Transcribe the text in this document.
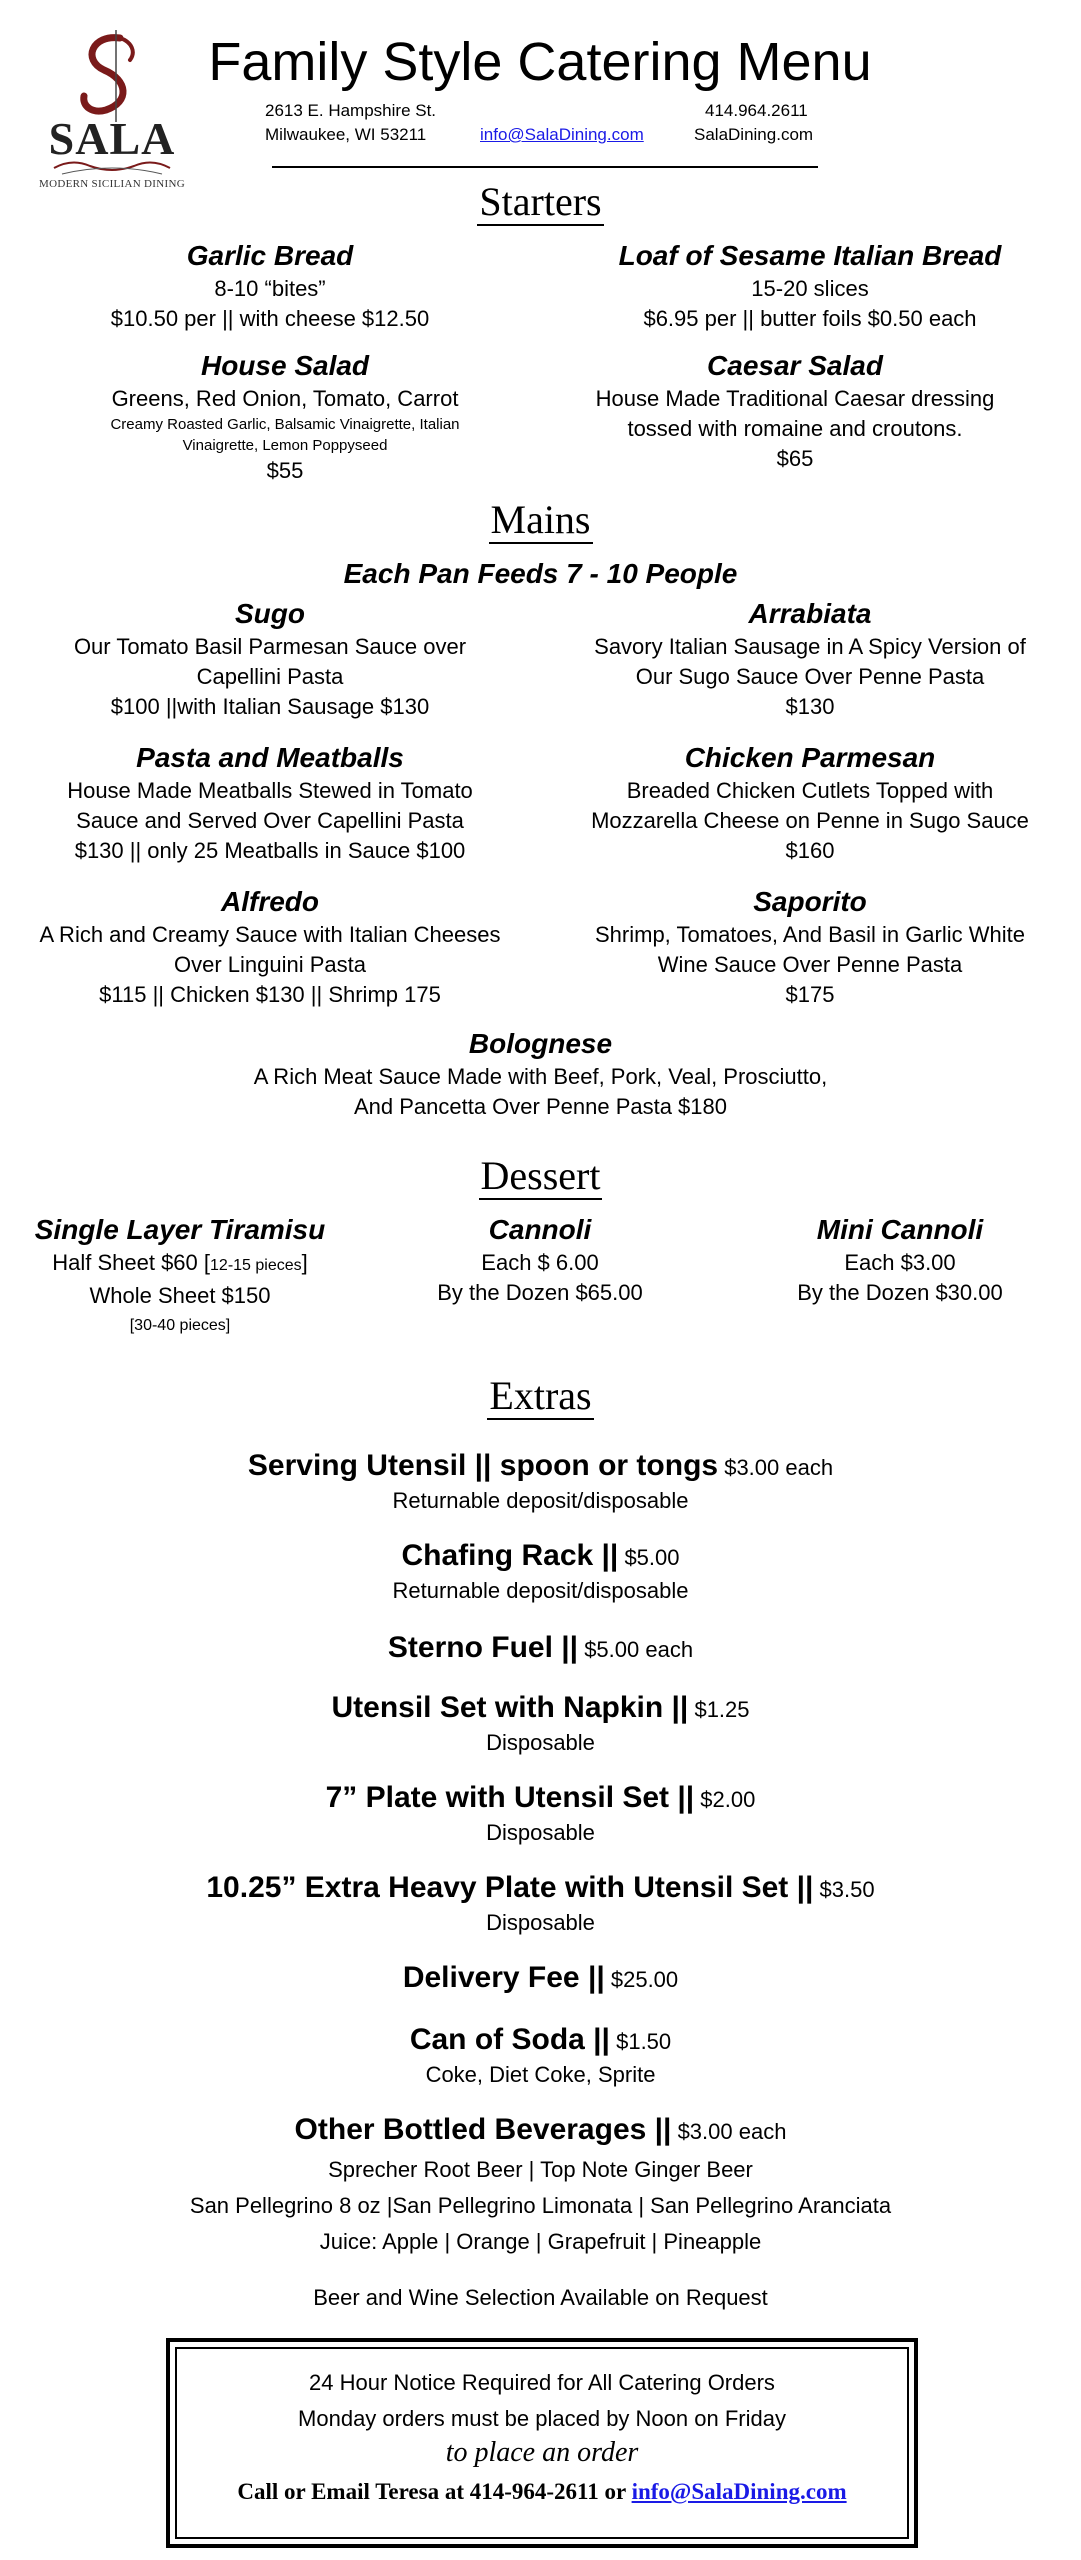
SALA
MODERN SICILIAN DINING
Family Style Catering Menu
2613 E. Hampshire St.
Milwaukee, WI 53211	info@SalaDining.com
414.964.2611
SalaDining.com
Starters
Garlic Bread
8-10 “bites”
$10.50 per || with cheese $12.50
Loaf of Sesame Italian Bread
15-20 slices
$6.95 per || butter foils $0.50 each
House Salad
Greens, Red Onion, Tomato, Carrot
Creamy Roasted Garlic, Balsamic Vinaigrette, Italian Vinaigrette, Lemon Poppyseed
$55
Caesar Salad
House Made Traditional Caesar dressing tossed with romaine and croutons.
$65
Mains
Each Pan Feeds 7 - 10 People
Sugo
Our Tomato Basil Parmesan Sauce over Capellini Pasta
$100 ||with Italian Sausage $130
Arrabiata
Savory Italian Sausage in A Spicy Version of Our Sugo Sauce Over Penne Pasta
$130
Pasta and Meatballs
House Made Meatballs Stewed in Tomato Sauce and Served Over Capellini Pasta
$130 || only 25 Meatballs in Sauce $100
Chicken Parmesan
Breaded Chicken Cutlets Topped with Mozzarella Cheese on Penne in Sugo Sauce
$160
Alfredo
A Rich and Creamy Sauce with Italian Cheeses Over Linguini Pasta
$115 || Chicken $130 || Shrimp 175
Saporito
Shrimp, Tomatoes, And Basil in Garlic White Wine Sauce Over Penne Pasta
$175
Bolognese
A Rich Meat Sauce Made with Beef, Pork, Veal, Prosciutto,
And Pancetta Over Penne Pasta $180
Dessert
Single Layer Tiramisu
Half Sheet $60 [12-15 pieces]
Whole Sheet $150
[30-40 pieces]
Cannoli
Each $ 6.00
By the Dozen $65.00
Mini Cannoli
Each $3.00
By the Dozen $30.00
Extras
Serving Utensil || spoon or tongs $3.00 each
Returnable deposit/disposable
Chafing Rack || $5.00
Returnable deposit/disposable
Sterno Fuel || $5.00 each
Utensil Set with Napkin || $1.25
Disposable
7” Plate with Utensil Set || $2.00
Disposable
10.25” Extra Heavy Plate with Utensil Set || $3.50
Disposable
Delivery Fee || $25.00
Can of Soda || $1.50
Coke, Diet Coke, Sprite
Other Bottled Beverages || $3.00 each
Sprecher Root Beer | Top Note Ginger Beer
San Pellegrino 8 oz |San Pellegrino Limonata | San Pellegrino Aranciata
Juice: Apple | Orange | Grapefruit | Pineapple
Beer and Wine Selection Available on Request
24 Hour Notice Required for All Catering Orders
Monday orders must be placed by Noon on Friday
to place an order
Call or Email Teresa at 414-964-2611 or info@SalaDining.com
